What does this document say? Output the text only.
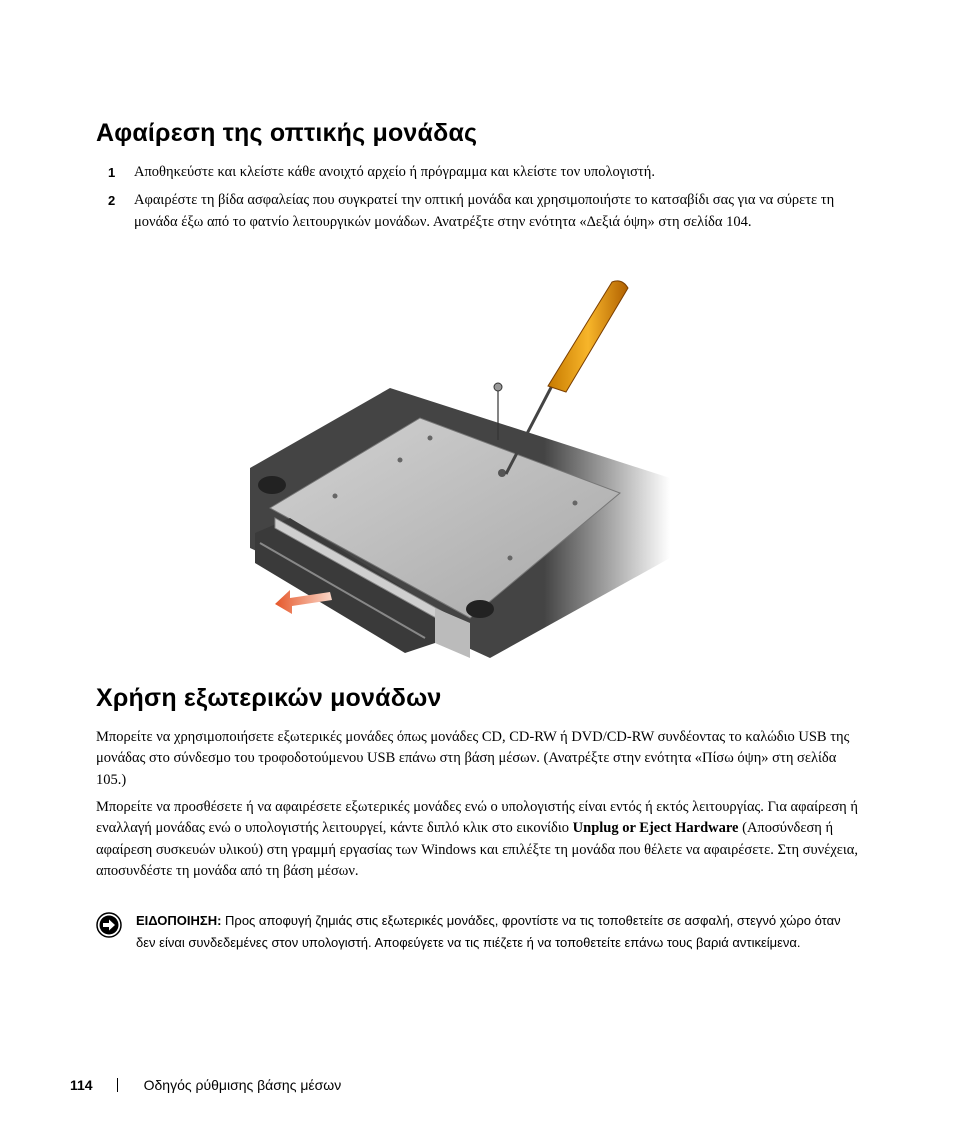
Αφαίρεση της οπτικής μονάδας
1 Αποθηκεύστε και κλείστε κάθε ανοιχτό αρχείο ή πρόγραμμα και κλείστε τον υπολογιστή.
2 Αφαιρέστε τη βίδα ασφαλείας που συγκρατεί την οπτική μονάδα και χρησιμοποιήστε το κατσαβίδι σας για να σύρετε τη μονάδα έξω από το φατνίο λειτουργικών μονάδων. Ανατρέξτε στην ενότητα «Δεξιά όψη» στη σελίδα 104.
Χρήση εξωτερικών μονάδων

Μπορείτε να χρησιμοποιήσετε εξωτερικές μονάδες όπως μονάδες CD, CD-RW ή DVD/CD-RW συνδέοντας το καλώδιο USB της μονάδας στο σύνδεσμο του τροφοδοτούμενου USB επάνω στη βάση μέσων. (Ανατρέξτε στην ενότητα «Πίσω όψη» στη σελίδα 105.)

Μπορείτε να προσθέσετε ή να αφαιρέσετε εξωτερικές μονάδες ενώ ο υπολογιστής είναι εντός ή εκτός λειτουργίας. Για αφαίρεση ή εναλλαγή μονάδας ενώ ο υπολογιστής λειτουργεί, κάντε διπλό κλικ στο εικονίδιο Unplug or Eject Hardware (Αποσύνδεση ή αφαίρεση συσκευών υλικού) στη γραμμή εργασίας των Windows και επιλέξτε τη μονάδα που θέλετε να αφαιρέσετε. Στη συνέχεια, αποσυνδέστε τη μονάδα από τη βάση μέσων.

ΕΙΔΟΠΟΙΗΣΗ: Προς αποφυγή ζημιάς στις εξωτερικές μονάδες, φροντίστε να τις τοποθετείτε σε ασφαλή, στεγνό χώρο όταν δεν είναι συνδεδεμένες στον υπολογιστή. Αποφεύγετε να τις πιέζετε ή να τοποθετείτε επάνω τους βαριά αντικείμενα.
114	Οδηγός ρύθμισης βάσης μέσων
